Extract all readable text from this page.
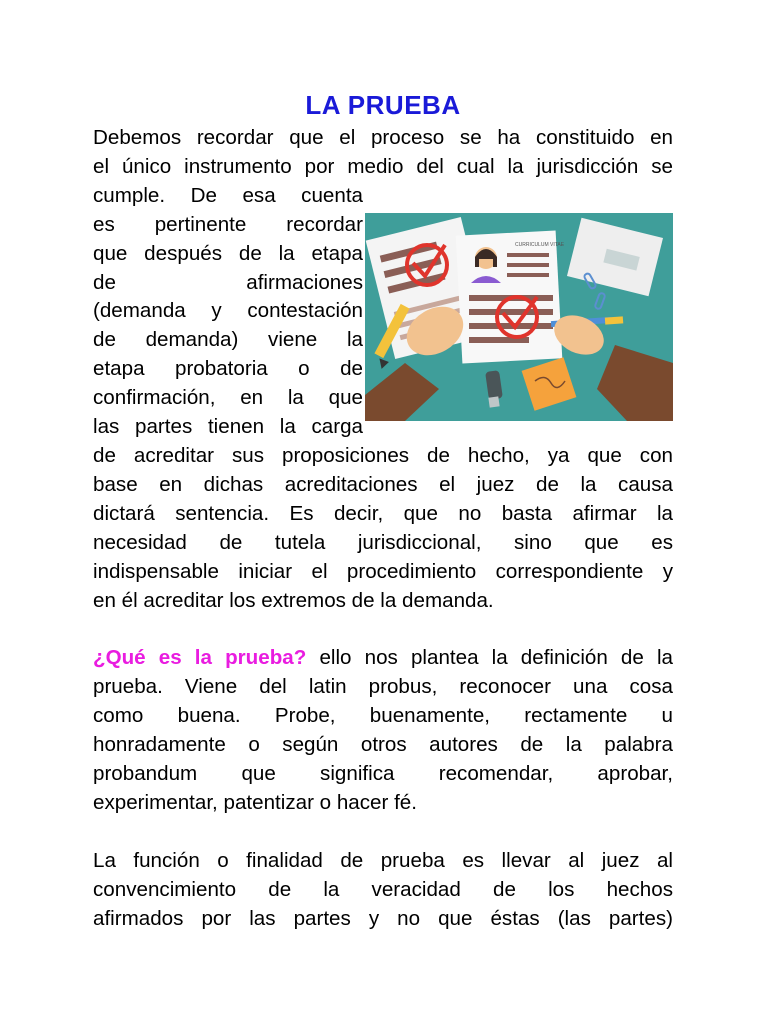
LA PRUEBA

Debemos recordar que el proceso se ha constituido en
el único instrumento por medio del cual la jurisdicción se

cumple. De esa cuenta
es pertinente recordar
que después de la etapa
de afirmaciones
(demanda y contestación
de demanda) viene la
etapa probatoria o de
confirmación, en la que
las partes tienen la carga

CURRICULUM VITAE

de acreditar sus proposiciones de hecho, ya que con
base en dichas acreditaciones el juez de la causa
dictará sentencia. Es decir, que no basta afirmar la
necesidad de tutela jurisdiccional, sino que es
indispensable iniciar el procedimiento correspondiente y
en él acreditar los extremos de la demanda.

¿Qué es la prueba? ello nos plantea la definición de la
prueba. Viene del latin probus, reconocer una cosa
como buena. Probe, buenamente, rectamente u
honradamente o según otros autores de la palabra
probandum que significa recomendar, aprobar,
experimentar, patentizar o hacer fé.

La función o finalidad de prueba es llevar al juez al
convencimiento de la veracidad de los hechos
afirmados por las partes y no que éstas (las partes)
